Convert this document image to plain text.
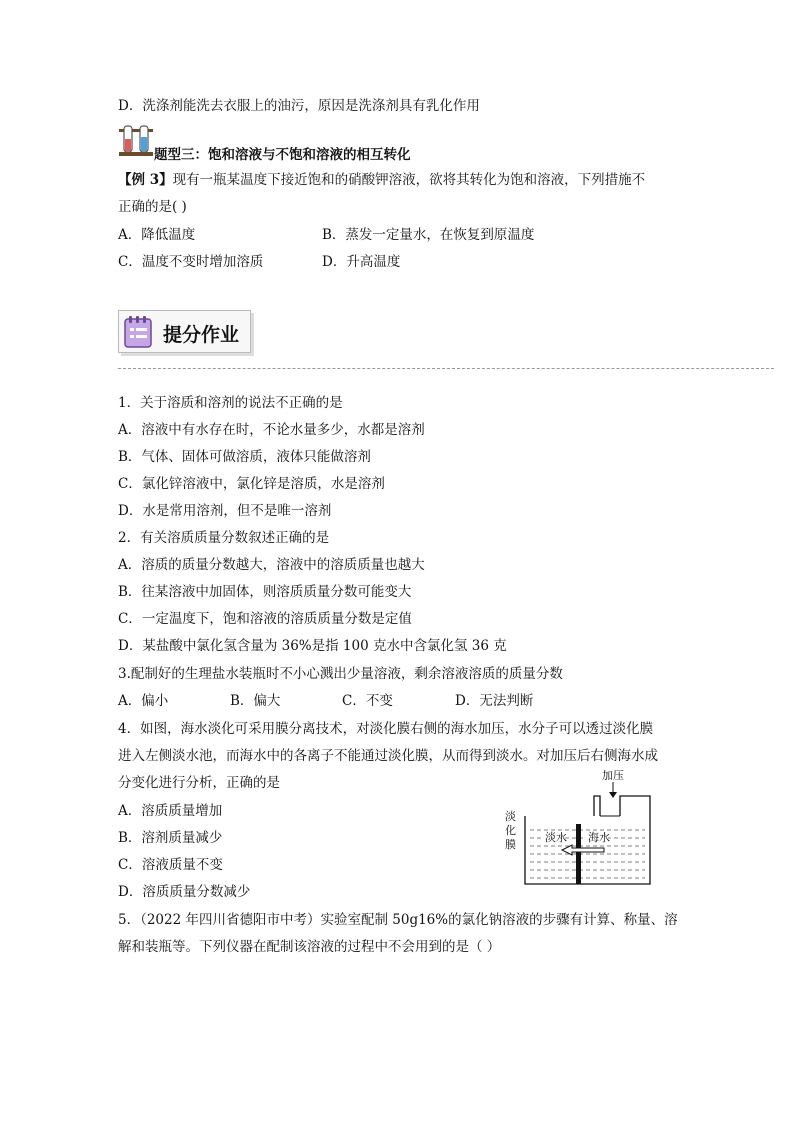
D．洗涤剂能洗去衣服上的油污，原因是洗涤剂具有乳化作用
题型三：饱和溶液与不饱和溶液的相互转化
【例 3】现有一瓶某温度下接近饱和的硝酸钾溶液，欲将其转化为饱和溶液，下列措施不
正确的是( )
A．降低温度	B．蒸发一定量水，在恢复到原温度
C．温度不变时增加溶质	D．升高温度
提分作业
1．关于溶质和溶剂的说法不正确的是
A．溶液中有水存在时，不论水量多少，水都是溶剂
B．气体、固体可做溶质，液体只能做溶剂
C．氯化锌溶液中，氯化锌是溶质，水是溶剂
D．水是常用溶剂，但不是唯一溶剂
2．有关溶质质量分数叙述正确的是
A．溶质的质量分数越大，溶液中的溶质质量也越大
B．往某溶液中加固体，则溶质质量分数可能变大
C．一定温度下，饱和溶液的溶质质量分数是定值
D．某盐酸中氯化氢含量为 36%是指 100 克水中含氯化氢 36 克
3.配制好的生理盐水装瓶时不小心溅出少量溶液，剩余溶液溶质的质量分数
A．偏小	B．偏大	C．不变	D．无法判断
4．如图，海水淡化可采用膜分离技术，对淡化膜右侧的海水加压，水分子可以透过淡化膜
进入左侧淡水池，而海水中的各离子不能通过淡化膜，从而得到淡水。对加压后右侧海水成
分变化进行分析，正确的是
A．溶质质量增加
B．溶剂质量减少
C．溶液质量不变
D．溶质质量分数减少
加压
淡水 海水
淡
化
膜
5．（2022 年四川省德阳市中考）实验室配制 50g16%的氯化钠溶液的步骤有计算、称量、溶
解和装瓶等。下列仪器在配制该溶液的过程中不会用到的是（ ）
